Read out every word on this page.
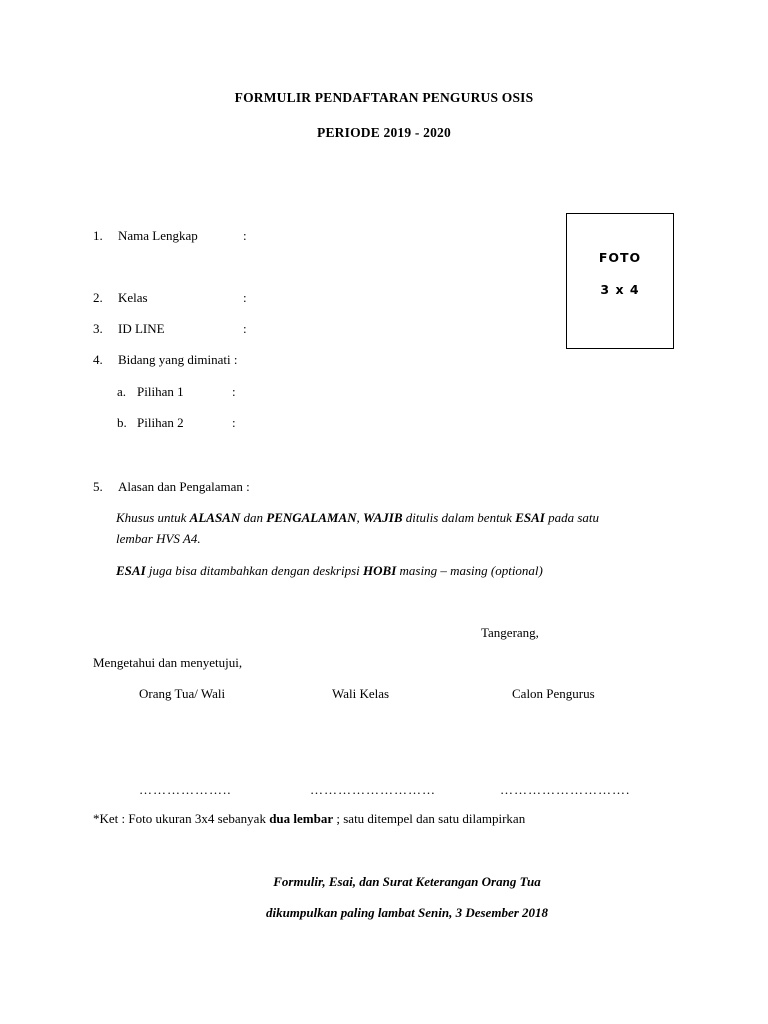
FORMULIR PENDAFTARAN PENGURUS OSIS
PERIODE 2019 - 2020
FOTO
3 x 4
1. Nama Lengkap	:
2. Kelas	:
3. ID LINE	:
4. Bidang yang diminati :
a. Pilihan 1	:
b. Pilihan 2	:
5. Alasan dan Pengalaman :
Khusus untuk ALASAN dan PENGALAMAN, WAJIB ditulis dalam bentuk ESAI pada satu
lembar HVS A4.
ESAI juga bisa ditambahkan dengan deskripsi HOBI masing – masing (optional)
Tangerang,
Mengetahui dan menyetujui,
Orang Tua/ Wali	Wali Kelas	Calon Pengurus
………………..	………………………	……………………….
*Ket : Foto ukuran 3x4 sebanyak dua lembar ; satu ditempel dan satu dilampirkan
Formulir, Esai, dan Surat Keterangan Orang Tua
dikumpulkan paling lambat Senin, 3 Desember 2018
